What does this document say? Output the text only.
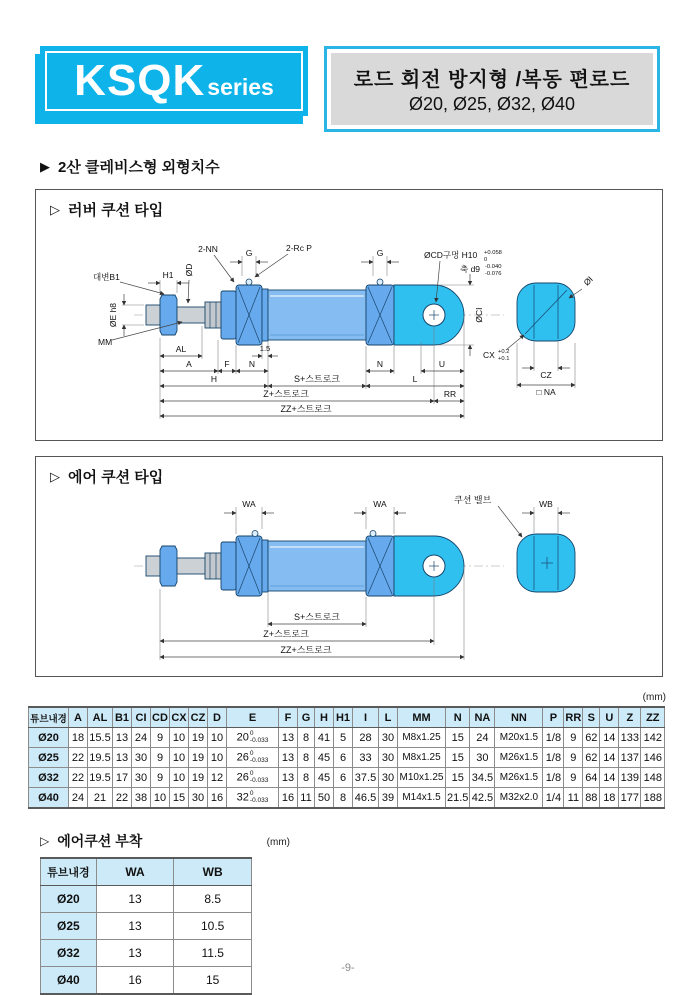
KSQK series	로드 회전 방지형 /복동 편로드
Ø20, Ø25, Ø32, Ø40
▶ 2산 클레비스형 외형치수
▷ 러버 쿠션 타입
대변B1	H1 ØD
2-NN	G	2-Rc P	G	ØCD구멍 H10 +0.058
0
축 d9 -0.040
-0.076
ØE h8
MM
AL	1.5
A	F N	N	U
H	S+스트로크	L
Z+스트로크	RR
ZZ+스트로크
ØCI
ØI
CX +0.2
+0.1
CZ
□ NA
▷ 에어 쿠션 타입
WA	WA	쿠션 밸브	WB
S+스트로크
Z+스트로크
ZZ+스트로크
(mm)
튜브내경	A	AL	B1	CI	CD	CX	CZ	D	E	F	G	H	H1	I	L	MM	N	NA	NN	P	RR	S	U	Z	ZZ
Ø20	18	15.5	13	24	9	10	19	10	20 0
-0.033	13	8	41	5	28	30	M8x1.25	15	24	M20x1.5	1/8	9	62	14	133	142
Ø25	22	19.5	13	30	9	10	19	10	26 0
-0.033	13	8	45	6	33	30	M8x1.25	15	30	M26x1.5	1/8	9	62	14	137	146
Ø32	22	19.5	17	30	9	10	19	12	26 0
-0.033	13	8	45	6	37.5	30	M10x1.25	15	34.5	M26x1.5	1/8	9	64	14	139	148
Ø40	24	21	22	38	10	15	30	16	32 0
-0.033	16	11	50	8	46.5	39	M14x1.5	21.5	42.5	M32x2.0	1/4	11	88	18	177	188
▷ 에어쿠션 부착	(mm)
튜브내경	WA	WB
Ø20	13	8.5
Ø25	13	10.5
Ø32	13	11.5
Ø40	16	15
-9-
